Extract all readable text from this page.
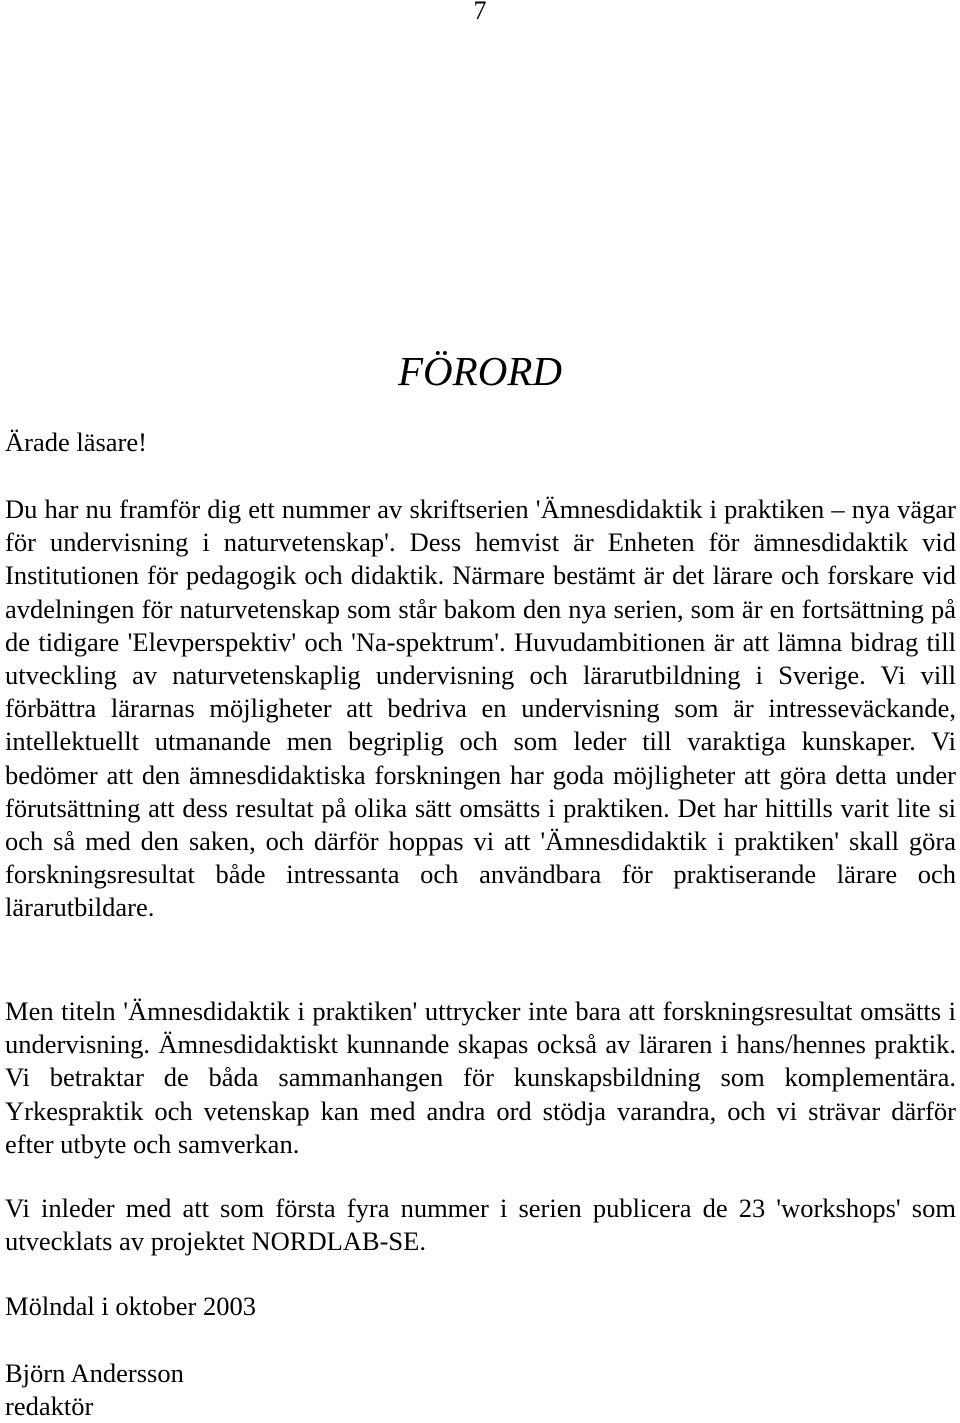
7
FÖRORD

Ärade läsare!

Du har nu framför dig ett nummer av skriftserien 'Ämnesdidaktik i praktiken – nya vägar för undervisning i naturvetenskap'. Dess hemvist är Enheten för ämnesdidaktik vid Institutionen för pedagogik och didaktik. Närmare bestämt är det lärare och forskare vid avdelningen för naturvetenskap som står bakom den nya serien, som är en fortsättning på de tidigare 'Elevperspektiv' och 'Na-spektrum'. Huvudambitionen är att lämna bidrag till utveckling av naturvetenskaplig undervisning och lärarutbildning i Sverige. Vi vill förbättra lärarnas möjligheter att bedriva en undervisning som är intresseväckande, intellektuellt utmanande men begriplig och som leder till varaktiga kunskaper. Vi bedömer att den ämnesdidaktiska forskningen har goda möjligheter att göra detta under förutsättning att dess resultat på olika sätt omsätts i praktiken. Det har hittills varit lite si och så med den saken, och därför hoppas vi att 'Ämnesdidaktik i praktiken' skall göra forskningsresultat både intressanta och användbara för praktiserande lärare och lärarutbildare.

Men titeln 'Ämnesdidaktik i praktiken' uttrycker inte bara att forskningsresultat omsätts i undervisning. Ämnesdidaktiskt kunnande skapas också av läraren i hans/hennes praktik. Vi betraktar de båda sammanhangen för kunskapsbildning som komplementära. Yrkespraktik och vetenskap kan med andra ord stödja varandra, och vi strävar därför efter utbyte och samverkan.

Vi inleder med att som första fyra nummer i serien publicera de 23 'workshops' som utvecklats av projektet NORDLAB-SE.

Mölndal i oktober 2003

Björn Andersson
redaktör
